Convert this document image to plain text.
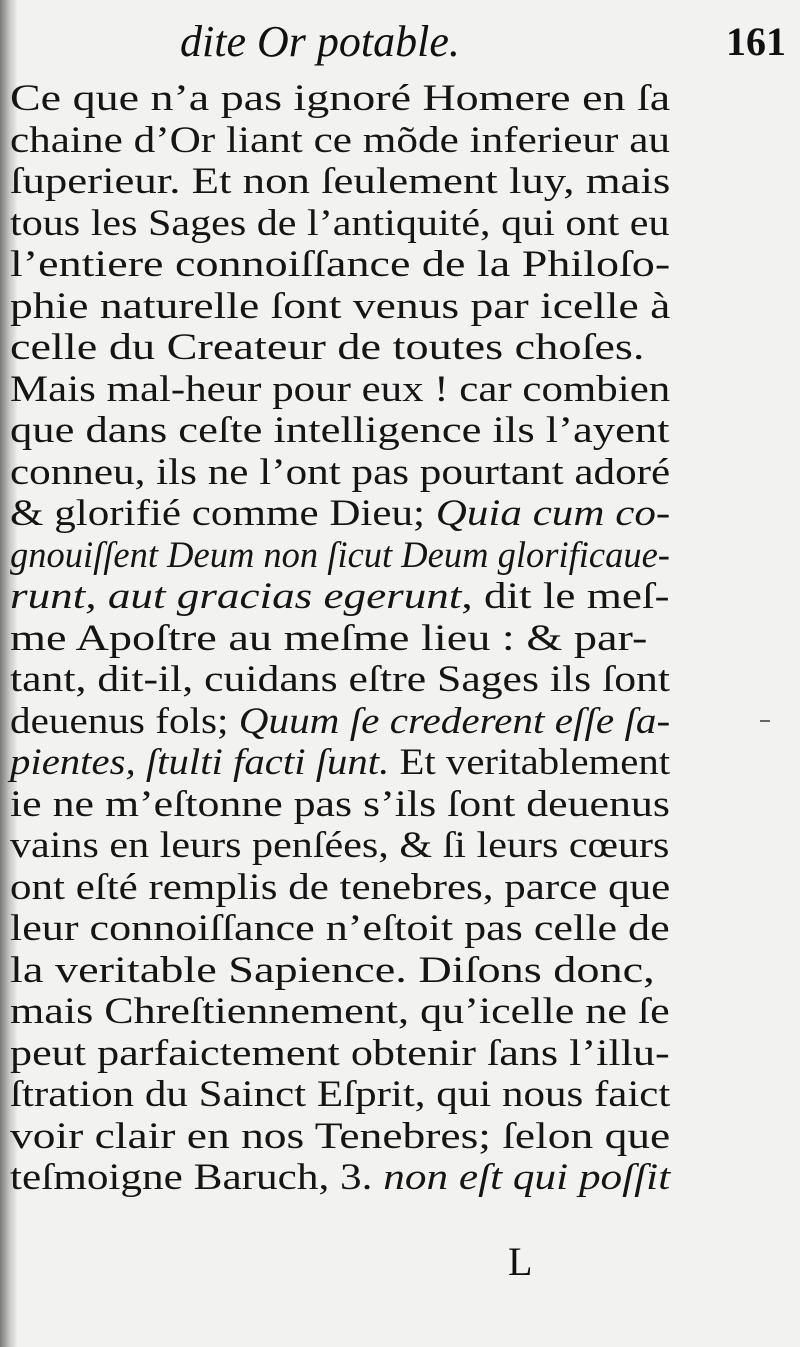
dite Or potable.	161
Ce que n’a pas ignoré Homere en ſa
chaine d’Or liant ce mõde inferieur au
ſuperieur. Et non ſeulement luy, mais
tous les Sages de l’antiquité, qui ont eu
l’entiere connoiſſance de la Philoſo-
phie naturelle ſont venus par icelle à
celle du Createur de toutes choſes.
Mais mal-heur pour eux ! car combien
que dans ceſte intelligence ils l’ayent
conneu, ils ne l’ont pas pourtant adoré
& glorifié comme Dieu; Quia cum co-
gnouiſſent Deum non ſicut Deum glorificaue-
runt, aut gracias egerunt, dit le meſ-
me Apoſtre au meſme lieu : & par-
tant, dit-il, cuidans eſtre Sages ils ſont
deuenus fols; Quum ſe crederent eſſe ſa-
pientes, ſtulti facti ſunt. Et veritablement
ie ne m’eſtonne pas s’ils ſont deuenus
vains en leurs penſées, & ſi leurs cœurs
ont eſté remplis de tenebres, parce que
leur connoiſſance n’eſtoit pas celle de
la veritable Sapience. Diſons donc,
mais Chreſtiennement, qu’icelle ne ſe
peut parfaictement obtenir ſans l’illu-
ſtration du Sainct Eſprit, qui nous faict
voir clair en nos Tenebres; ſelon que
teſmoigne Baruch, 3. non eſt qui poſſit
L
